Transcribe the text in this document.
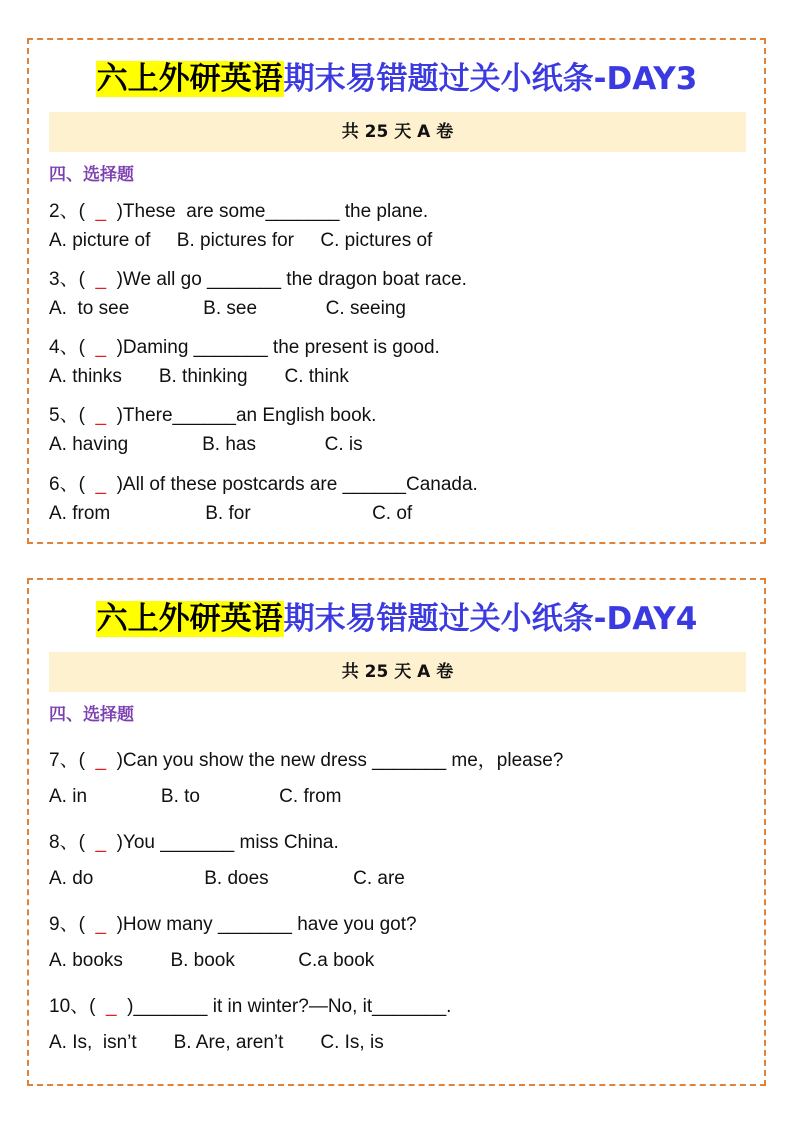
六上外研英语期末易错题过关小纸条-DAY3
共 25 天 A 卷
四、选择题
2、(  _  )These  are some_______ the plane.
A. picture of     B. pictures for     C. pictures of
3、(  _  )We all go _______ the dragon boat race.
A.  to see              B. see             C. seeing
4、(  _  )Daming _______ the present is good.
A. thinks       B. thinking       C. think
5、(  _  )There______an English book.
A. having              B. has             C. is
6、(  _  )All of these postcards are ______Canada.
A. from                  B. for                       C. of
六上外研英语期末易错题过关小纸条-DAY4
共 25 天 A 卷
四、选择题
7、(  _  )Can you show the new dress _______ me，please?
A. in              B. to               C. from
8、(  _  )You _______ miss China.
A. do                     B. does                C. are
9、(  _  )How many _______ have you got?
A. books         B. book            C.a book
10、(  _  )_______ it in winter?—No, it_______.
A. Is,  isn’t       B. Are, aren’t       C. Is, is
